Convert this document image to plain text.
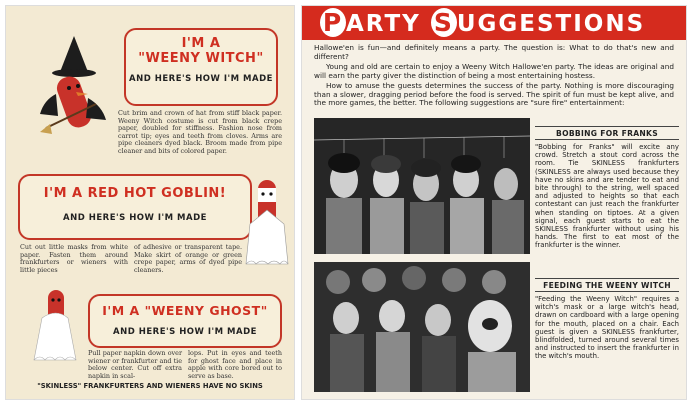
I'M A
"WEENY WITCH"
AND HERE'S HOW I'M MADE
Cut brim and crown of hat from stiff black paper. Weeny Witch costume is cut from black crepe paper, doubled for stiffness. Fashion nose from carrot tip; eyes and teeth from cloves. Arms are pipe cleaners dyed black. Broom made from pipe cleaner and bits of colored paper.
I'M A RED HOT GOBLIN!
AND HERE'S HOW I'M MADE
Cut out little masks from white paper. Fasten them around frankfurters or wieners with little pieces
of adhesive or transparent tape. Make skirt of orange or green crepe paper, arms of dyed pipe cleaners.
I'M A "WEENY GHOST"
AND HERE'S HOW I'M MADE
Pull paper napkin down over wiener or frankfurter and tie below center. Cut off extra napkin in scal-
lops. Put in eyes and teeth for ghost face and place in apple with core bored out to serve as base.
"SKINLESS" FRANKFURTERS AND WIENERS HAVE NO SKINS
P ARTY S UGGESTIONS
Hallowe'en is fun—and definitely means a party. The question is: What to do that's new and different?
Young and old are certain to enjoy a Weeny Witch Hallowe'en party. The ideas are original and will earn the party giver the distinction of being a most entertaining hostess.
How to amuse the guests determines the success of the party. Nothing is more discouraging than a slower, dragging period before the food is served. The spirit of fun must be kept alive, and the more games, the better. The following suggestions are "sure fire" entertainment:
BOBBING FOR FRANKS
"Bobbing for Franks" will excite any crowd. Stretch a stout cord across the room. Tie SKINLESS frankfurters (SKINLESS are always used because they have no skins and are tender to eat and bite through) to the string, well spaced and adjusted to heights so that each contestant can just reach the frankfurter when standing on tiptoes. At a given signal, each guest starts to eat the SKINLESS frankfurter without using his hands. The first to eat most of the frankfurter is the winner.
FEEDING THE WEENY WITCH
"Feeding the Weeny Witch" requires a witch's mask or a large witch's head, drawn on cardboard with a large opening for the mouth, placed on a chair. Each guest is given a SKINLESS frankfurter, blindfolded, turned around several times and instructed to insert the frankfurter in the witch's mouth.
